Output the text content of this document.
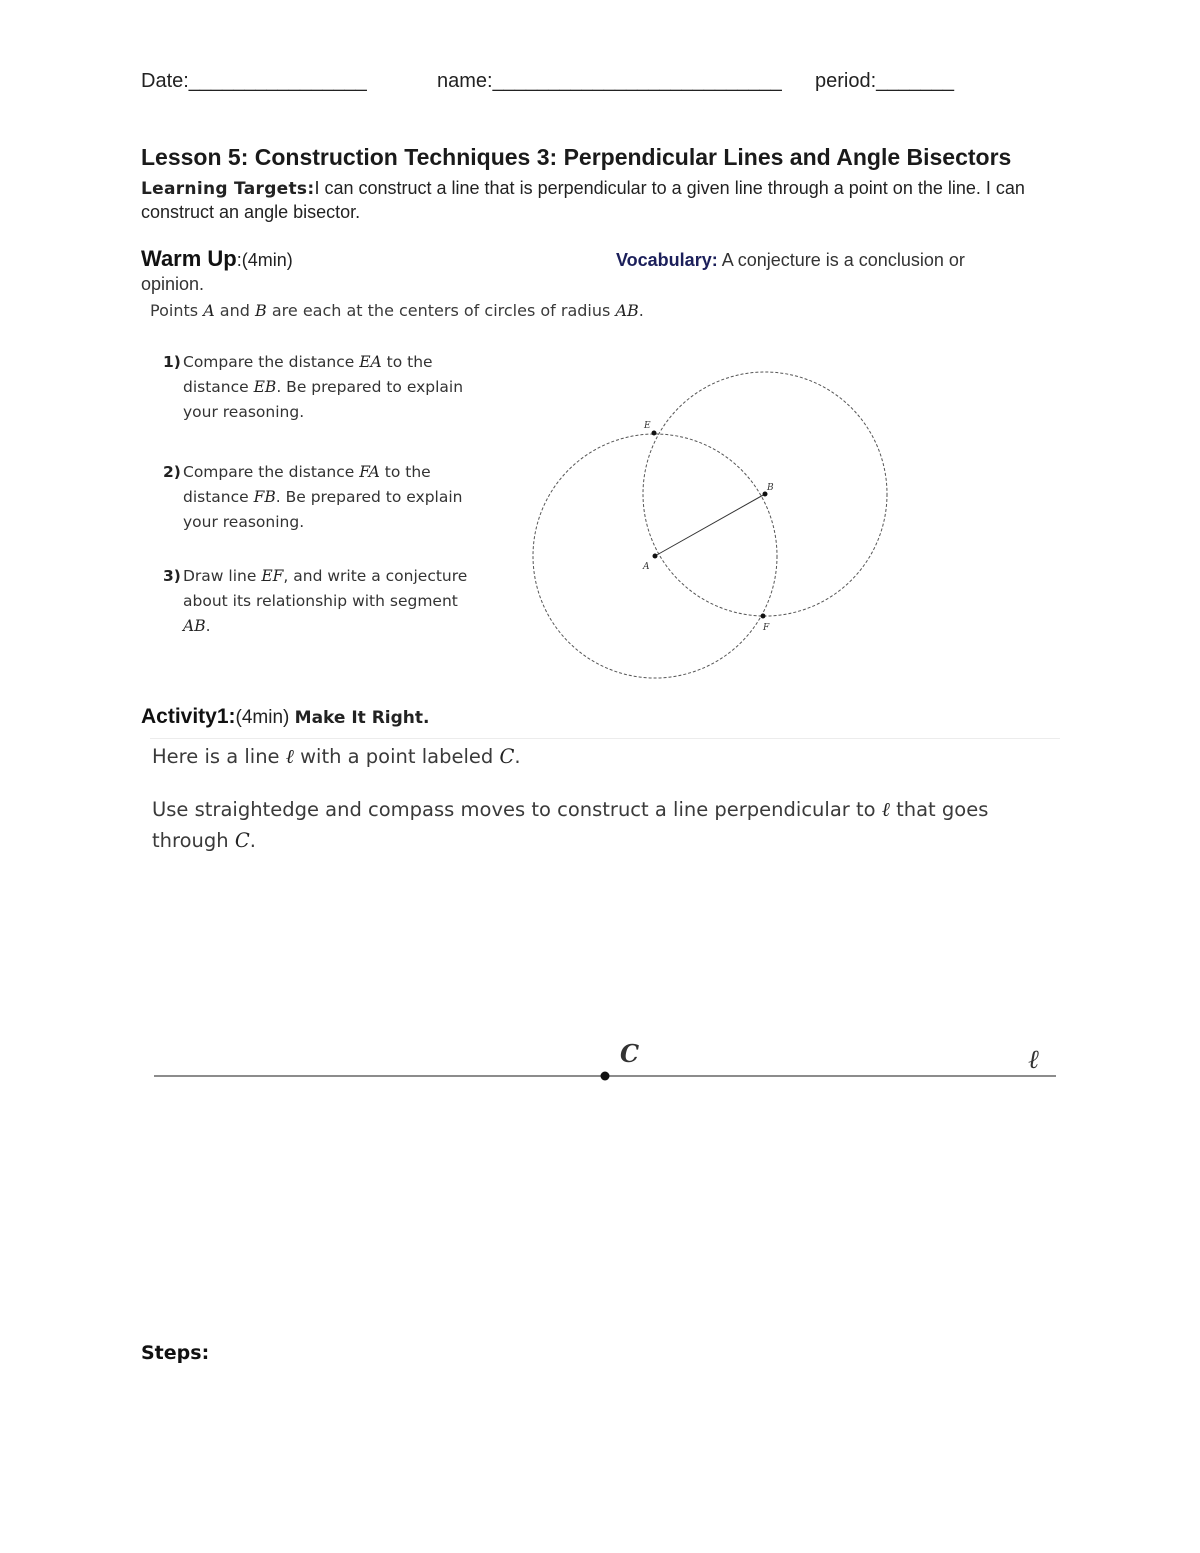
Date:________________	name:__________________________ period:_______
Lesson 5: Construction Techniques 3: Perpendicular Lines and Angle Bisectors
Learning Targets:I can construct a line that is perpendicular to a given line through a point on the line. I can construct an angle bisector.
Warm Up:(4min)	Vocabulary: A conjecture is a conclusion or
opinion.
Points A and B are each at the centers of circles of radius AB.
1) Compare the distance EA to the
distance EB. Be prepared to explain
your reasoning.
2) Compare the distance FA to the
distance FB. Be prepared to explain
your reasoning.
3) Draw line EF, and write a conjecture
about its relationship with segment
AB.
E
B
A
F
Activity1:(4min) Make It Right.
Here is a line ℓ with a point labeled C.
Use straightedge and compass moves to construct a line perpendicular to ℓ that goes
through C.
C	ℓ
Steps:
